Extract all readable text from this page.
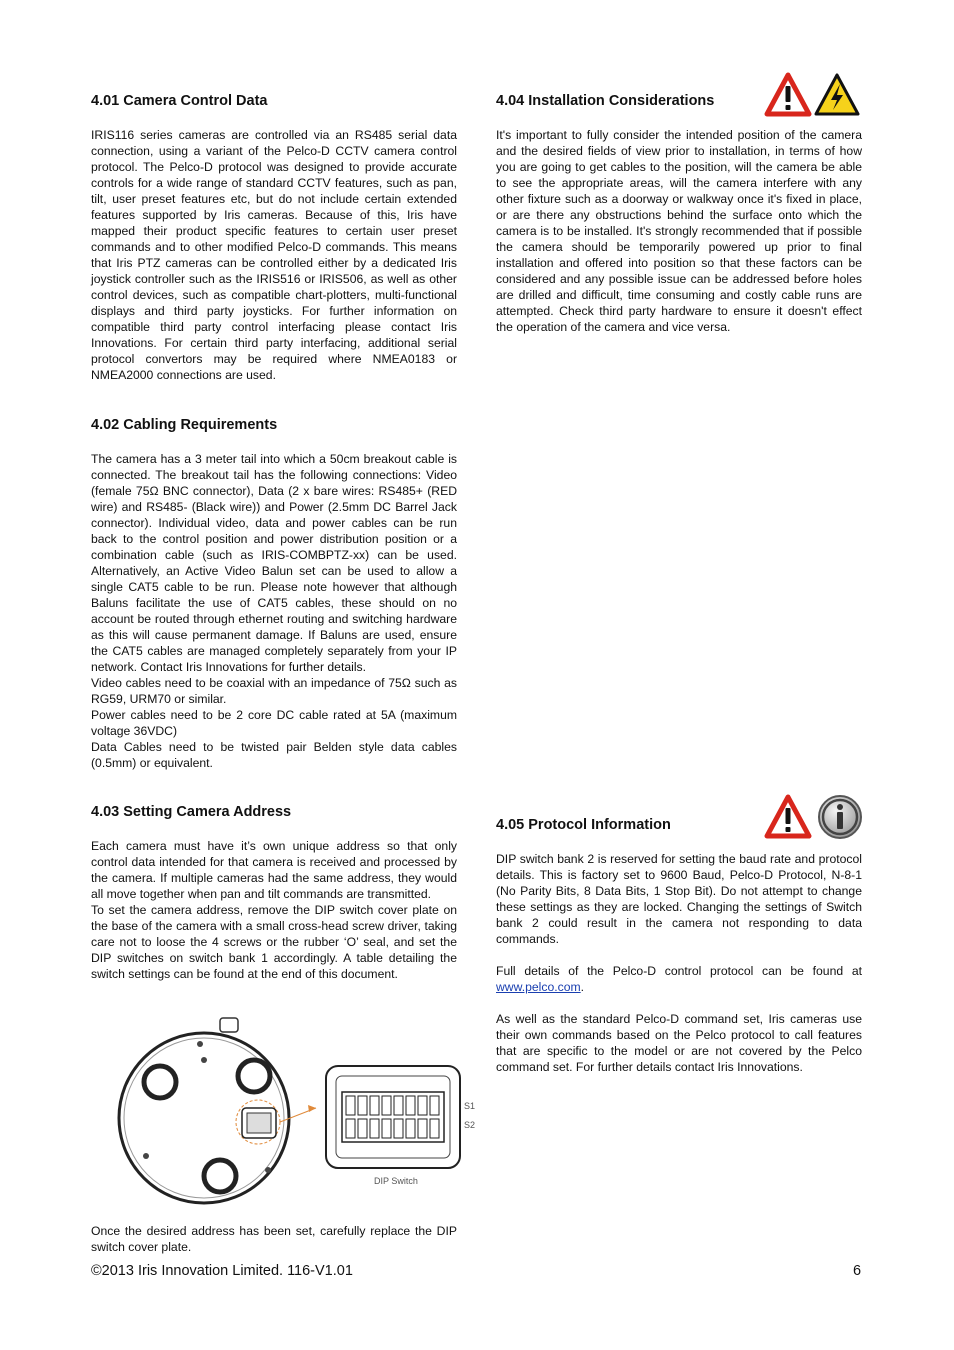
4.01 Camera Control Data

IRIS116 series cameras are controlled via an RS485 serial data connection, using a variant of the Pelco-D CCTV camera control protocol. The Pelco-D protocol was designed to provide accurate controls for a wide range of standard CCTV features, such as pan, tilt, user preset features etc, but do not include certain extended features supported by Iris cameras. Because of this, Iris have mapped their product specific features to certain user preset commands and to other modified Pelco-D commands. This means that Iris PTZ cameras can be controlled either by a dedicated Iris joystick controller such as the IRIS516 or IRIS506, as well as other control devices, such as compatible chart-plotters, multi-functional displays and third party joysticks. For further information on compatible third party control interfacing please contact Iris Innovations. For certain third party interfacing, additional serial protocol convertors may be required where NMEA0183 or NMEA2000 connections are used.

4.02 Cabling Requirements

The camera has a 3 meter tail into which a 50cm breakout cable is connected. The breakout tail has the following connections: Video (female 75Ω BNC connector), Data (2 x bare wires: RS485+ (RED wire) and RS485- (Black wire)) and Power (2.5mm DC Barrel Jack connector). Individual video, data and power cables can be run back to the control position and power distribution position or a combination cable (such as IRIS-COMBPTZ-xx) can be used. Alternatively, an Active Video Balun set can be used to allow a single CAT5 cable to be run. Please note however that although Baluns facilitate the use of CAT5 cables, these should on no account be routed through ethernet routing and switching hardware as this will cause permanent damage. If Baluns are used, ensure the CAT5 cables are managed completely separately from your IP network. Contact Iris Innovations for further details.

Video cables need to be coaxial with an impedance of 75Ω such as RG59, URM70 or similar.

Power cables need to be 2 core DC cable rated at 5A (maximum voltage 36VDC)

Data Cables need to be twisted pair Belden style data cables (0.5mm) or equivalent.

4.03 Setting Camera Address

Each camera must have it’s own unique address so that only control data intended for that camera is received and processed by the camera. If multiple cameras had the same address, they would all move together when pan and tilt commands are transmitted.

To set the camera address, remove the DIP switch cover plate on the base of the camera with a small cross-head screw driver, taking care not to loose the 4 screws or the rubber ‘O’ seal, and set the DIP switches on switch bank 1 accordingly. A table detailing the switch settings can be found at the end of this document.

S1
S2
DIP Switch

Once the desired address has been set, carefully replace the DIP switch cover plate.

4.04 Installation Considerations

It's important to fully consider the intended position of the camera and the desired fields of view prior to installation, in terms of how you are going to get cables to the position, will the camera be able to see the appropriate areas, will the camera interfere with any other fixture such as a doorway or walkway once it's fixed in place, or are there any obstructions behind the surface onto which the camera is to be installed. It's strongly recommended that if possible the camera should be temporarily powered up prior to final installation and offered into position so that these factors can be considered and any possible issue can be addressed before holes are drilled and difficult, time consuming and costly cable runs are attempted. Check third party hardware to ensure it doesn't effect the operation of the camera and vice versa.

4.05 Protocol Information

DIP switch bank 2 is reserved for setting the baud rate and protocol details. This is factory set to 9600 Baud, Pelco-D Protocol, N-8-1 (No Parity Bits, 8 Data Bits, 1 Stop Bit). Do not attempt to change these settings as they are locked. Changing the settings of Switch bank 2 could result in the camera not responding to data commands.

Full details of the Pelco-D control protocol can be found at www.pelco.com.

As well as the standard Pelco-D command set, Iris cameras use their own commands based on the Pelco protocol to call features that are specific to the model or are not covered by the Pelco command set. For further details contact Iris Innovations.

©2013 Iris Innovation Limited. 116-V1.01	6
